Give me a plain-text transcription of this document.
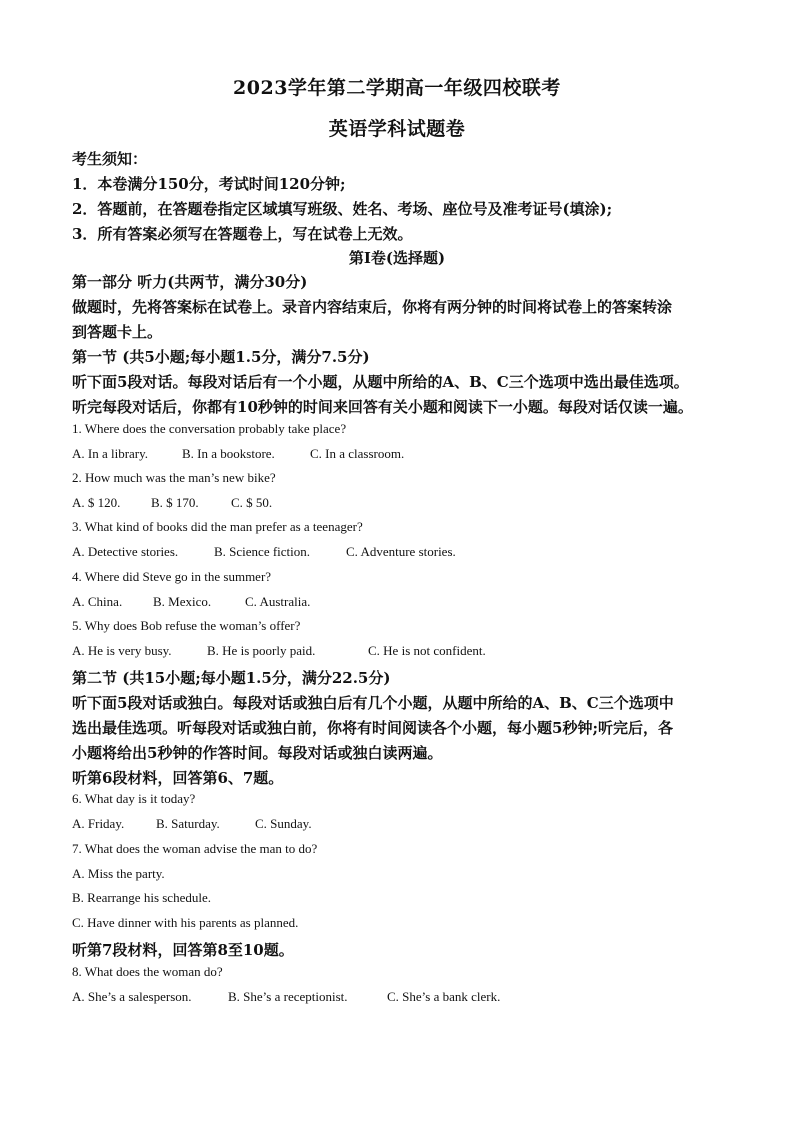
2023学年第二学期高一年级四校联考
英语学科试题卷
考生须知：
1．本卷满分150分，考试时间120分钟;
2．答题前，在答题卷指定区域填写班级、姓名、考场、座位号及准考证号(填涂);
3．所有答案必须写在答题卷上，写在试卷上无效。
第Ⅰ卷(选择题)
第一部分 听力(共两节，满分30分)
做题时，先将答案标在试卷上。录音内容结束后，你将有两分钟的时间将试卷上的答案转涂
到答题卡上。
第一节 (共5小题;每小题1.5分，满分7.5分)
听下面5段对话。每段对话后有一个小题，从题中所给的A、B、C三个选项中选出最佳选项。
听完每段对话后，你都有10秒钟的时间来回答有关小题和阅读下一小题。每段对话仅读一遍。
1. Where does the conversation probably take place?
A. In a library.	B. In a bookstore.	C. In a classroom.
2. How much was the man’s new bike?
A. $ 120. B. $ 170. C. $ 50.
3. What kind of books did the man prefer as a teenager?
A. Detective stories.	B. Science fiction.	C. Adventure stories.
4. Where did Steve go in the summer?
A. China. B. Mexico.	C. Australia.
5. Why does Bob refuse the woman’s offer?
A. He is very busy.	B. He is poorly paid.	C. He is not confident.
第二节 (共15小题;每小题1.5分，满分22.5分)
听下面5段对话或独白。每段对话或独白后有几个小题，从题中所给的A、B、C三个选项中
选出最佳选项。听每段对话或独白前，你将有时间阅读各个小题，每小题5秒钟;听完后，各
小题将给出5秒钟的作答时间。每段对话或独白读两遍。
听第6段材料，回答第6、7题。
6. What day is it today?
A. Friday. B. Saturday.	C. Sunday.
7. What does the woman advise the man to do?
A. Miss the party.
B. Rearrange his schedule.
C. Have dinner with his parents as planned.
听第7段材料，回答第8至10题。
8. What does the woman do?
A. She’s a salesperson.	B. She’s a receptionist.	C. She’s a bank clerk.
